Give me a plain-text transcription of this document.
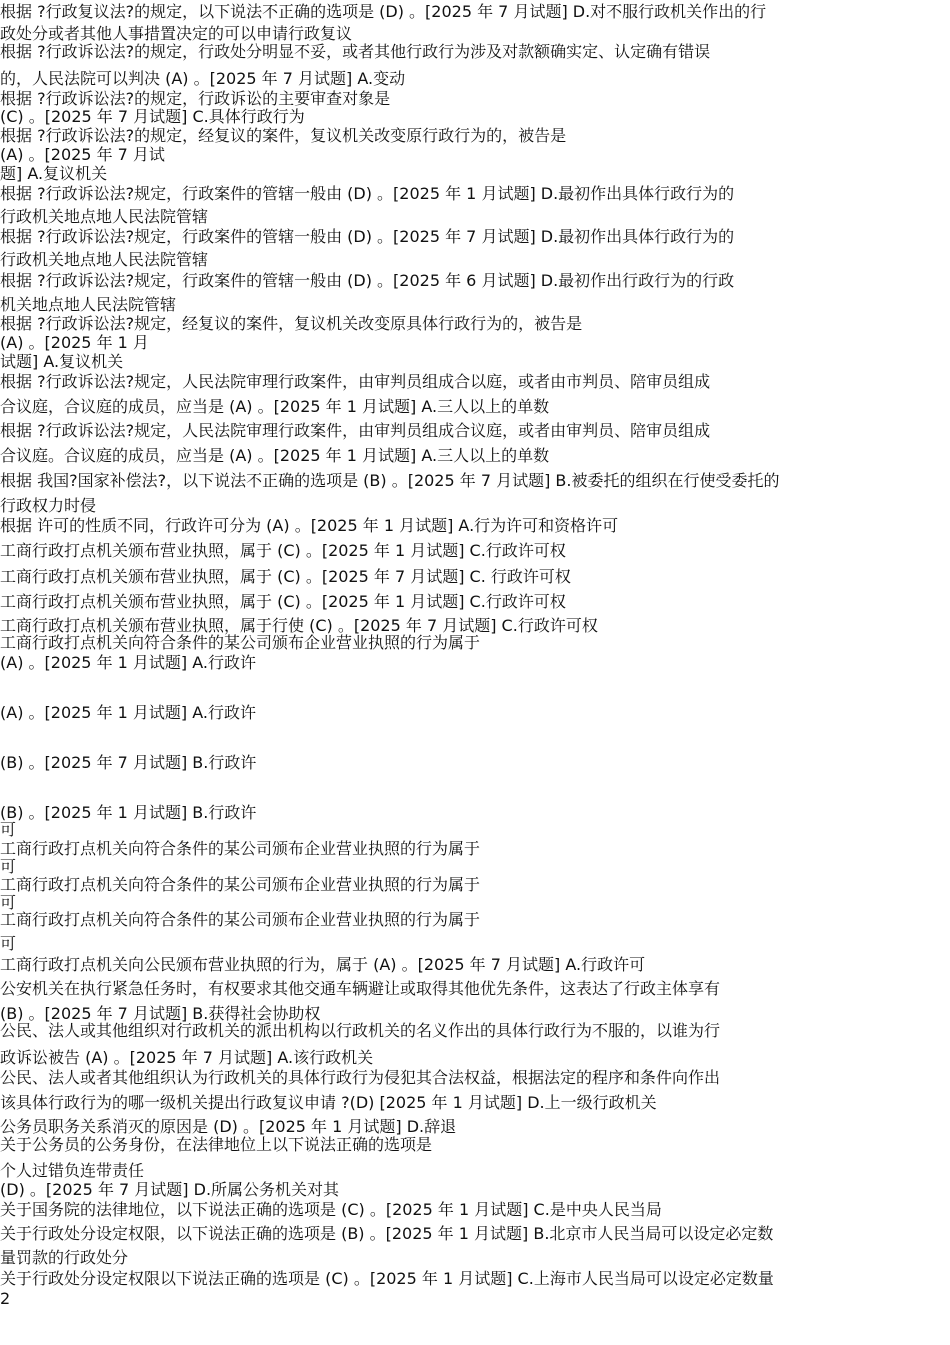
根据 ?行政复议法?的规定，以下说法不正确的选项是 (D) 。[2025 年 7 月试题] D.对不服行政机关作出的行
政处分或者其他人事措置决定的可以申请行政复议
根据 ?行政诉讼法?的规定，行政处分明显不妥，或者其他行政行为涉及对款额确实定、认定确有错误
的，人民法院可以判决 (A) 。[2025 年 7 月试题] A.变动
根据 ?行政诉讼法?的规定，行政诉讼的主要审查对象是
(C) 。[2025 年 7 月试题] C.具体行政行为
根据 ?行政诉讼法?的规定，经复议的案件，复议机关改变原行政行为的，被告是
(A) 。[2025 年 7 月试
题] A.复议机关
根据 ?行政诉讼法?规定，行政案件的管辖一般由 (D) 。[2025 年 1 月试题] D.最初作出具体行政行为的
行政机关地点地人民法院管辖
根据 ?行政诉讼法?规定，行政案件的管辖一般由 (D) 。[2025 年 7 月试题] D.最初作出具体行政行为的
行政机关地点地人民法院管辖
根据 ?行政诉讼法?规定，行政案件的管辖一般由 (D) 。[2025 年 6 月试题] D.最初作出行政行为的行政
机关地点地人民法院管辖
根据 ?行政诉讼法?规定，经复议的案件，复议机关改变原具体行政行为的，被告是
(A) 。[2025 年 1 月
试题] A.复议机关
根据 ?行政诉讼法?规定，人民法院审理行政案件，由审判员组成合以庭，或者由市判员、陪审员组成
合议庭，合议庭的成员，应当是 (A) 。[2025 年 1 月试题] A.三人以上的单数
根据 ?行政诉讼法?规定，人民法院审理行政案件，由审判员组成合议庭，或者由审判员、陪审员组成
合议庭。合议庭的成员，应当是 (A) 。[2025 年 1 月试题] A.三人以上的单数
根据 我国?国家补偿法?，以下说法不正确的选项是 (B) 。[2025 年 7 月试题] B.被委托的组织在行使受委托的
行政权力时侵
根据 许可的性质不同，行政许可分为 (A) 。[2025 年 1 月试题] A.行为许可和资格许可
工商行政打点机关颁布营业执照，属于 (C) 。[2025 年 1 月试题] C.行政许可权
工商行政打点机关颁布营业执照，属于 (C) 。[2025 年 7 月试题] C. 行政许可权
工商行政打点机关颁布营业执照，属于 (C) 。[2025 年 1 月试题] C.行政许可权
工商行政打点机关颁布营业执照，属于行使 (C) 。[2025 年 7 月试题] C.行政许可权
工商行政打点机关向符合条件的某公司颁布企业营业执照的行为属于
(A) 。[2025 年 1 月试题] A.行政许
(A) 。[2025 年 1 月试题] A.行政许
(B) 。[2025 年 7 月试题] B.行政许
(B) 。[2025 年 1 月试题] B.行政许
可
工商行政打点机关向符合条件的某公司颁布企业营业执照的行为属于
可
工商行政打点机关向符合条件的某公司颁布企业营业执照的行为属于
可
工商行政打点机关向符合条件的某公司颁布企业营业执照的行为属于
可
工商行政打点机关向公民颁布营业执照的行为，属于 (A) 。[2025 年 7 月试题] A.行政许可
公安机关在执行紧急任务时，有权要求其他交通车辆避让或取得其他优先条件，这表达了行政主体享有
(B) 。[2025 年 7 月试题] B.获得社会协助权
公民、法人或其他组织对行政机关的派出机构以行政机关的名义作出的具体行政行为不服的，以谁为行
政诉讼被告 (A) 。[2025 年 7 月试题] A.该行政机关
公民、法人或者其他组织认为行政机关的具体行政行为侵犯其合法权益，根据法定的程序和条件向作出
该具体行政行为的哪一级机关提出行政复议申请 ?(D) [2025 年 1 月试题] D.上一级行政机关
公务员职务关系消灭的原因是 (D) 。[2025 年 1 月试题] D.辞退
关于公务员的公务身份，在法律地位上以下说法正确的选项是
个人过错负连带责任
(D) 。[2025 年 7 月试题] D.所属公务机关对其
关于国务院的法律地位，以下说法正确的选项是 (C) 。[2025 年 1 月试题] C.是中央人民当局
关于行政处分设定权限，以下说法正确的选项是 (B) 。[2025 年 1 月试题] B.北京市人民当局可以设定必定数
量罚款的行政处分
关于行政处分设定权限以下说法正确的选项是 (C) 。[2025 年 1 月试题] C.上海市人民当局可以设定必定数量
2
